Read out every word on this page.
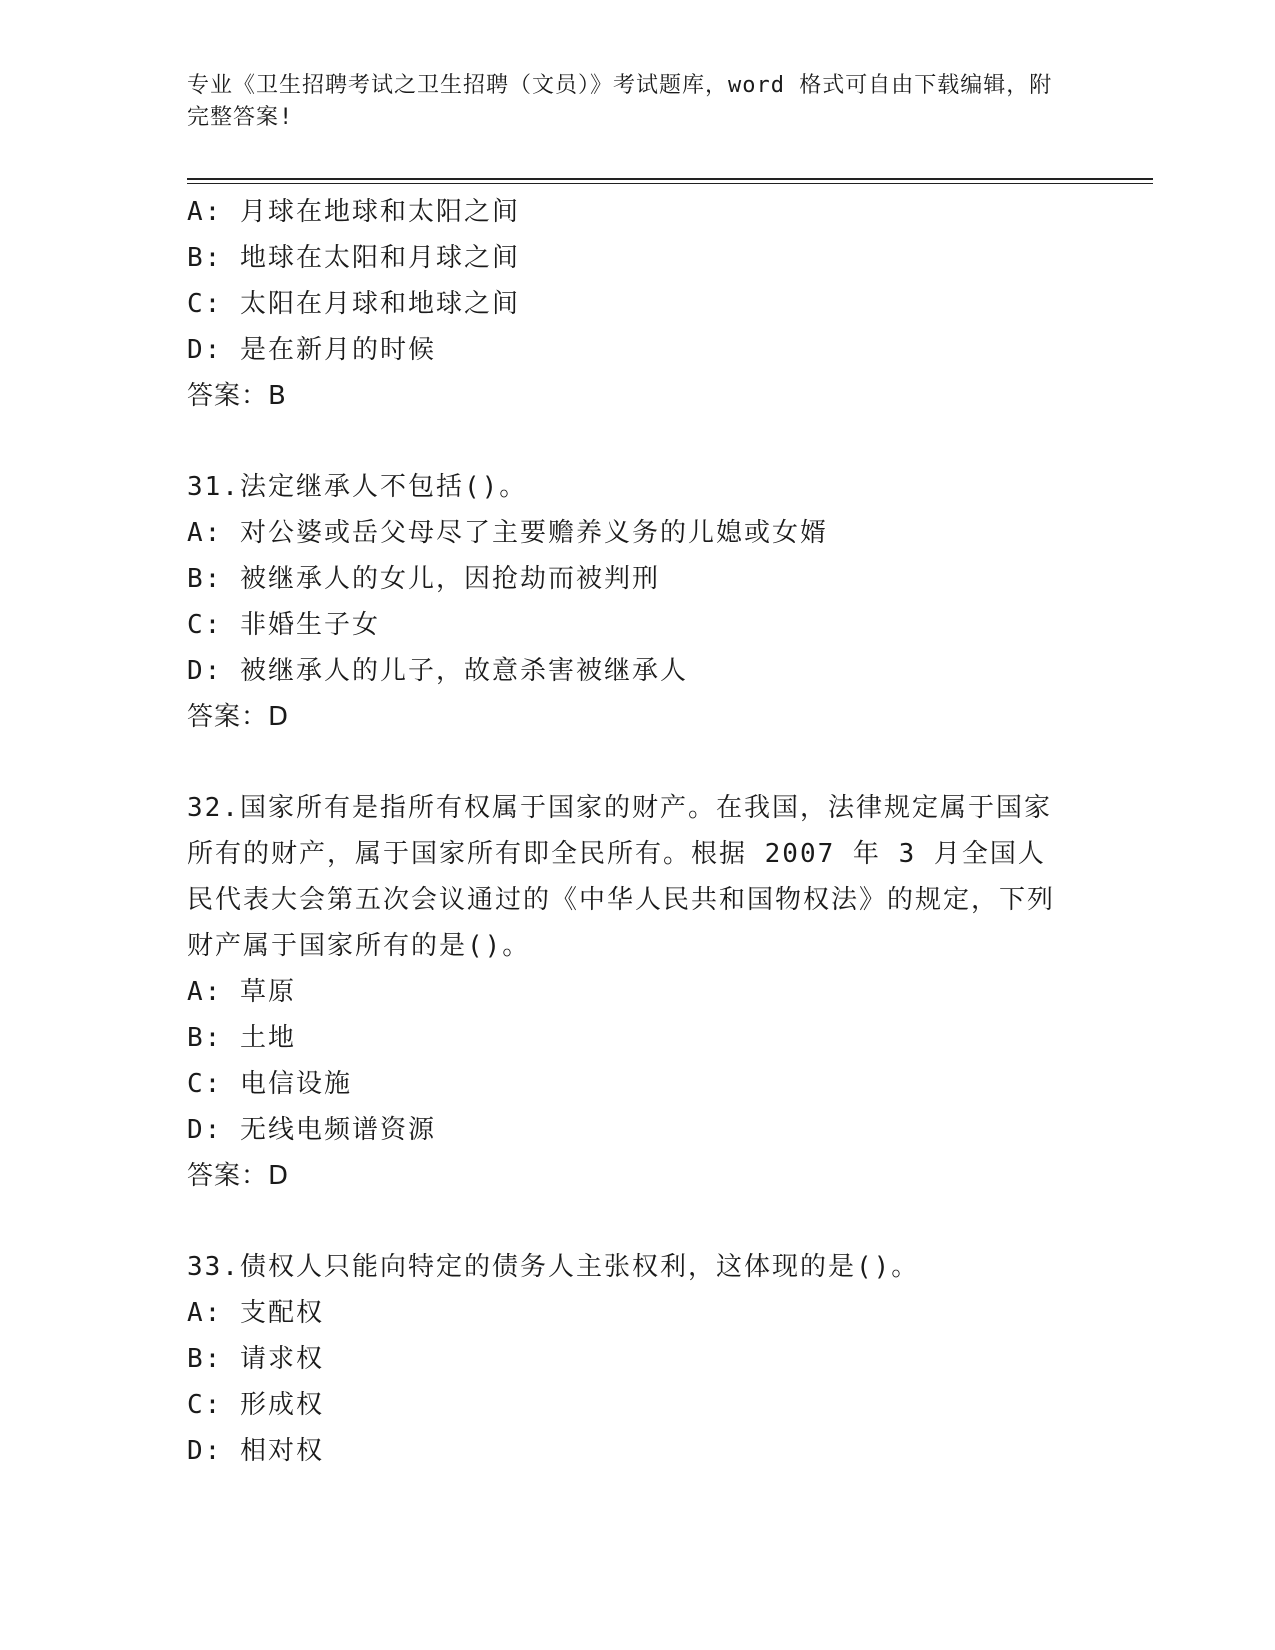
专业《卫生招聘考试之卫生招聘（文员）》考试题库，word 格式可自由下载编辑，附完整答案!
A: 月球在地球和太阳之间
B: 地球在太阳和月球之间
C: 太阳在月球和地球之间
D: 是在新月的时候
答案：B
31.法定继承人不包括()。
A: 对公婆或岳父母尽了主要赡养义务的儿媳或女婿
B: 被继承人的女儿，因抢劫而被判刑
C: 非婚生子女
D: 被继承人的儿子，故意杀害被继承人
答案：D
32.国家所有是指所有权属于国家的财产。在我国，法律规定属于国家所有的财产，属于国家所有即全民所有。根据 2007 年 3 月全国人民代表大会第五次会议通过的《中华人民共和国物权法》的规定，下列财产属于国家所有的是()。
A: 草原
B: 土地
C: 电信设施
D: 无线电频谱资源
答案：D
33.债权人只能向特定的债务人主张权利，这体现的是()。
A: 支配权
B: 请求权
C: 形成权
D: 相对权
